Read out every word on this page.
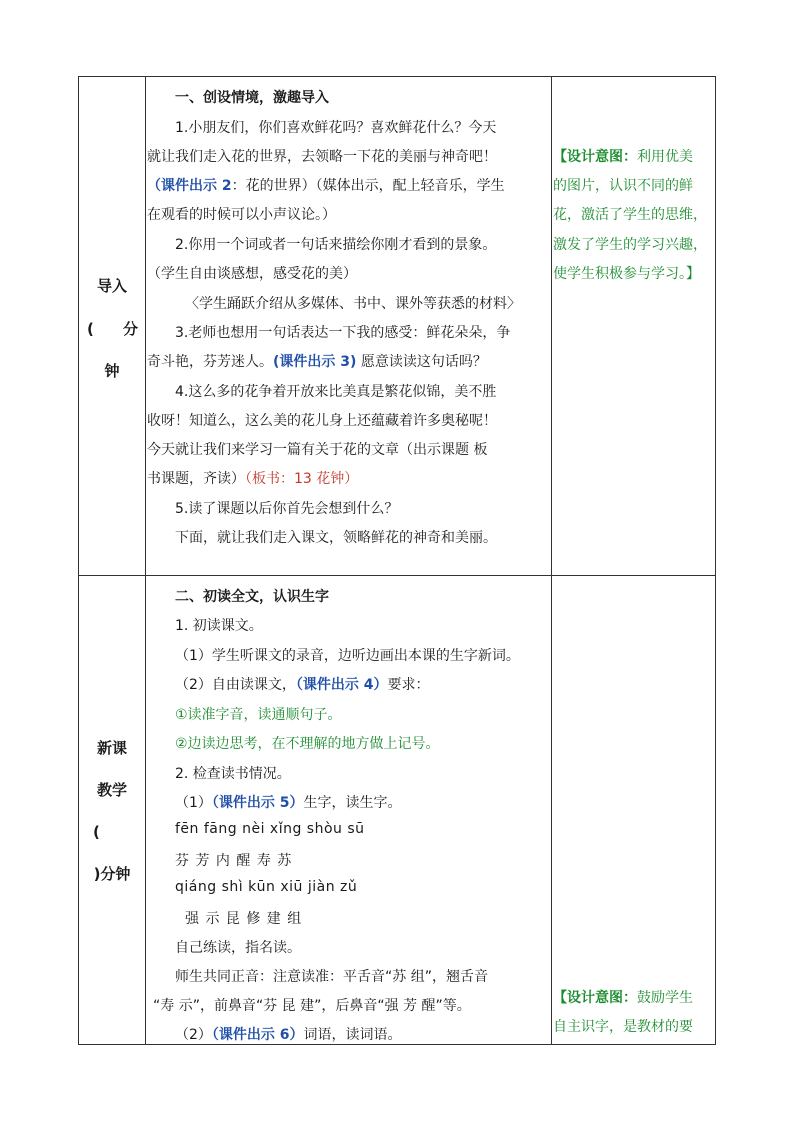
导入
( 分
钟
一、创设情境，激趣导入
1.小朋友们，你们喜欢鲜花吗？喜欢鲜花什么？今天
就让我们走入花的世界，去领略一下花的美丽与神奇吧！
（课件出示 2：花的世界）（媒体出示，配上轻音乐，学生
在观看的时候可以小声议论。）
2.你用一个词或者一句话来描绘你刚才看到的景象。
（学生自由谈感想，感受花的美）
〈学生踊跃介绍从多媒体、书中、课外等获悉的材料〉
3.老师也想用一句话表达一下我的感受：鲜花朵朵，争
奇斗艳，芬芳迷人。(课件出示 3) 愿意读读这句话吗？
4.这么多的花争着开放来比美真是繁花似锦，美不胜
收呀！知道么，这么美的花儿身上还蕴藏着许多奥秘呢！
今天就让我们来学习一篇有关于花的文章（出示课题 板
书课题，齐读）（板书：13 花钟）
5.读了课题以后你首先会想到什么？
下面，就让我们走入课文，领略鲜花的神奇和美丽。
【设计意图：利用优美
的图片，认识不同的鲜
花，激活了学生的思维，
激发了学生的学习兴趣，
使学生积极参与学习。】
新课
教学
(
)分钟
二、初读全文，认识生字
1. 初读课文。
（1）学生听课文的录音，边听边画出本课的生字新词。
（2）自由读课文，（课件出示 4）要求：
①读准字音，读通顺句子。
②边读边思考，在不理解的地方做上记号。
2. 检查读书情况。
（1）（课件出示 5）生字，读生字。
fēn fāng nèi xǐng shòu sū
芬 芳 内 醒 寿 苏
qiáng shì kūn xiū jiàn zǔ
强 示 昆 修 建 组
自己练读，指名读。
师生共同正音：注意读准：平舌音“苏 组”，翘舌音
“寿 示”，前鼻音“芬 昆 建”，后鼻音“强 芳 醒”等。
（2）（课件出示 6）词语，读词语。
【设计意图：鼓励学生
自主识字，是教材的要
